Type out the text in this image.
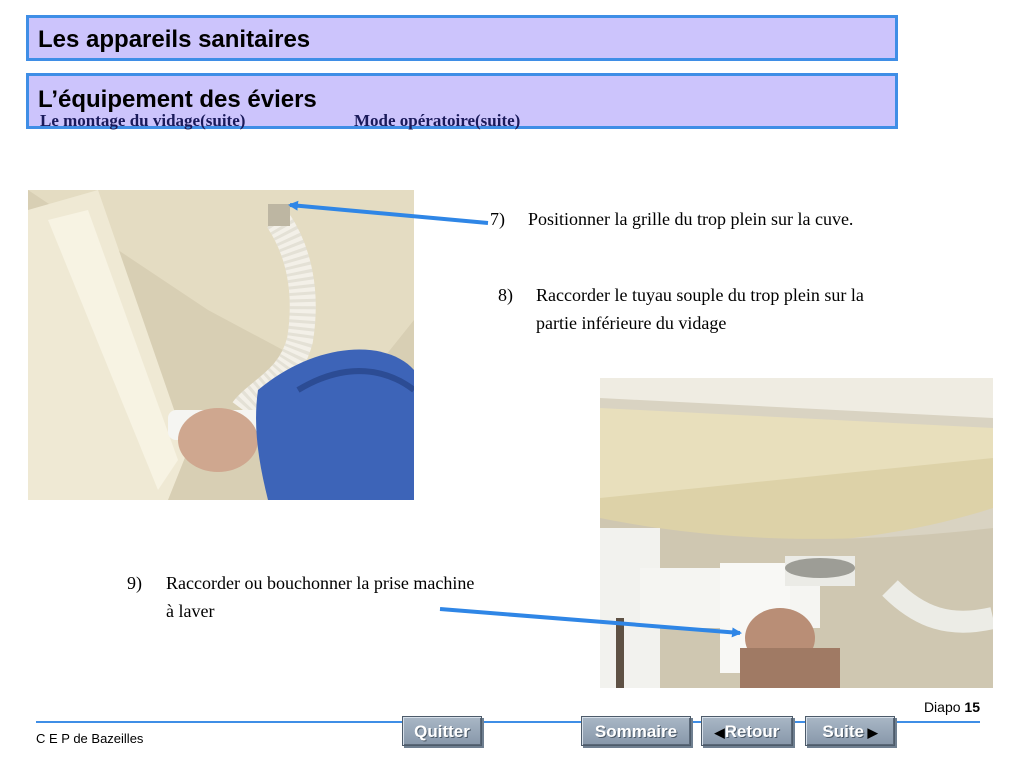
Les appareils sanitaires
L’équipement des éviers
Le montage du vidage(suite)	Mode opératoire(suite)
7) Positionner la grille du trop plein sur la cuve.
8) Raccorder le tuyau souple du trop plein sur la
partie inférieure du vidage
9) Raccorder ou bouchonner la prise machine
à laver
Diapo 15
C E P de Bazeilles	Quitter	Sommaire	◀Retour	Suite ▶
